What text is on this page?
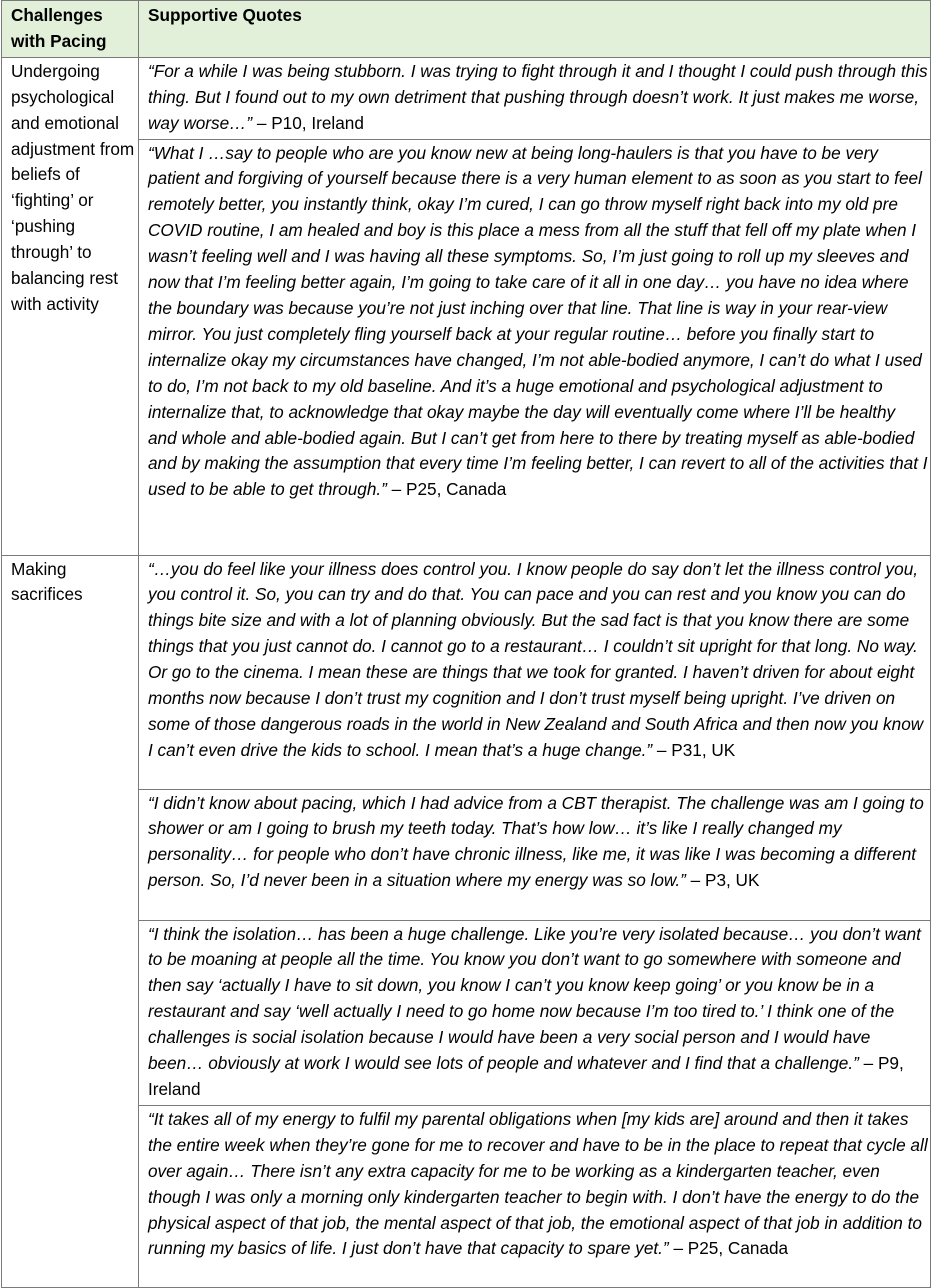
Challenges with Pacing	Supportive Quotes
Undergoing psychological and emotional adjustment from beliefs of ‘fighting’ or ‘pushing through’ to balancing rest with activity	“For a while I was being stubborn. I was trying to fight through it and I thought I could push through this thing. But I found out to my own detriment that pushing through doesn’t work. It just makes me worse, way worse…” – P10, Ireland
	“What I …say to people who are you know new at being long-haulers is that you have to be very patient and forgiving of yourself because there is a very human element to as soon as you start to feel remotely better, you instantly think, okay I’m cured, I can go throw myself right back into my old pre COVID routine, I am healed and boy is this place a mess from all the stuff that fell off my plate when I wasn’t feeling well and I was having all these symptoms. So, I’m just going to roll up my sleeves and now that I’m feeling better again, I’m going to take care of it all in one day… you have no idea where the boundary was because you’re not just inching over that line. That line is way in your rear-view mirror. You just completely fling yourself back at your regular routine… before you finally start to internalize okay my circumstances have changed, I’m not able-bodied anymore, I can’t do what I used to do, I’m not back to my old baseline. And it’s a huge emotional and psychological adjustment to internalize that, to acknowledge that okay maybe the day will eventually come where I’ll be healthy and whole and able-bodied again. But I can’t get from here to there by treating myself as able-bodied and by making the assumption that every time I’m feeling better, I can revert to all of the activities that I used to be able to get through.” – P25, Canada
Making sacrifices	“…you do feel like your illness does control you. I know people do say don’t let the illness control you, you control it. So, you can try and do that. You can pace and you can rest and you know you can do things bite size and with a lot of planning obviously. But the sad fact is that you know there are some things that you just cannot do. I cannot go to a restaurant… I couldn’t sit upright for that long. No way. Or go to the cinema. I mean these are things that we took for granted. I haven’t driven for about eight months now because I don’t trust my cognition and I don’t trust myself being upright. I’ve driven on some of those dangerous roads in the world in New Zealand and South Africa and then now you know I can’t even drive the kids to school. I mean that’s a huge change.” – P31, UK
	“I didn’t know about pacing, which I had advice from a CBT therapist. The challenge was am I going to shower or am I going to brush my teeth today. That’s how low… it’s like I really changed my personality… for people who don’t have chronic illness, like me, it was like I was becoming a different person. So, I’d never been in a situation where my energy was so low.” – P3, UK
	“I think the isolation… has been a huge challenge. Like you’re very isolated because… you don’t want to be moaning at people all the time. You know you don’t want to go somewhere with someone and then say ‘actually I have to sit down, you know I can’t you know keep going’ or you know be in a restaurant and say ‘well actually I need to go home now because I’m too tired to.’ I think one of the challenges is social isolation because I would have been a very social person and I would have been… obviously at work I would see lots of people and whatever and I find that a challenge.” – P9, Ireland
	“It takes all of my energy to fulfil my parental obligations when [my kids are] around and then it takes the entire week when they’re gone for me to recover and have to be in the place to repeat that cycle all over again… There isn’t any extra capacity for me to be working as a kindergarten teacher, even though I was only a morning only kindergarten teacher to begin with. I don’t have the energy to do the physical aspect of that job, the mental aspect of that job, the emotional aspect of that job in addition to running my basics of life. I just don’t have that capacity to spare yet.” – P25, Canada
